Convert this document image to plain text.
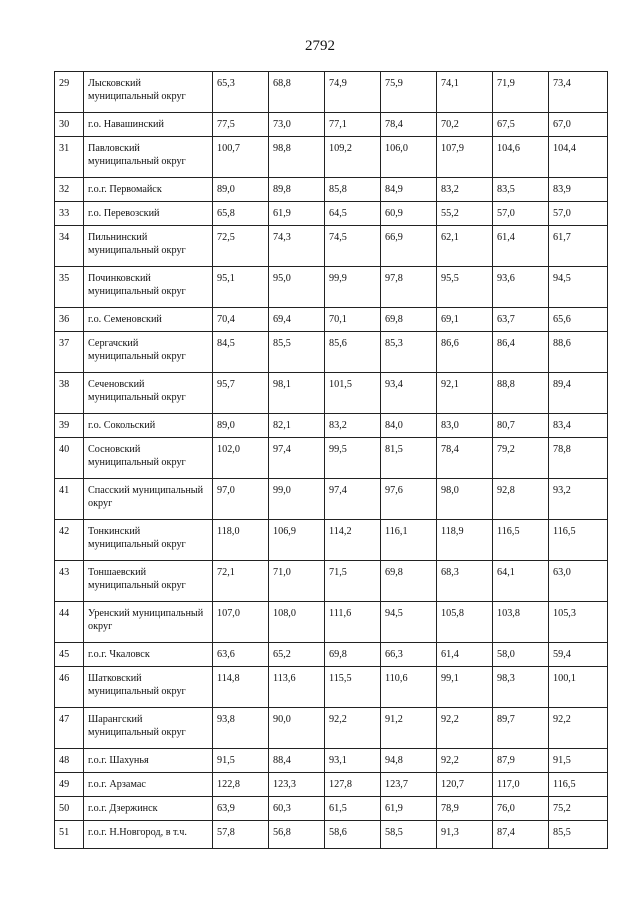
2792
29	Лысковский муниципальный округ	65,3	68,8	74,9	75,9	74,1	71,9	73,4
30	г.о. Навашинский	77,5	73,0	77,1	78,4	70,2	67,5	67,0
31	Павловский муниципальный округ	100,7	98,8	109,2	106,0	107,9	104,6	104,4
32	г.о.г. Первомайск	89,0	89,8	85,8	84,9	83,2	83,5	83,9
33	г.о. Перевозский	65,8	61,9	64,5	60,9	55,2	57,0	57,0
34	Пильнинский муниципальный округ	72,5	74,3	74,5	66,9	62,1	61,4	61,7
35	Починковский муниципальный округ	95,1	95,0	99,9	97,8	95,5	93,6	94,5
36	г.о. Семеновский	70,4	69,4	70,1	69,8	69,1	63,7	65,6
37	Сергачский муниципальный округ	84,5	85,5	85,6	85,3	86,6	86,4	88,6
38	Сеченовский муниципальный округ	95,7	98,1	101,5	93,4	92,1	88,8	89,4
39	г.о. Сокольский	89,0	82,1	83,2	84,0	83,0	80,7	83,4
40	Сосновский муниципальный округ	102,0	97,4	99,5	81,5	78,4	79,2	78,8
41	Спасский муниципальный округ	97,0	99,0	97,4	97,6	98,0	92,8	93,2
42	Тонкинский муниципальный округ	118,0	106,9	114,2	116,1	118,9	116,5	116,5
43	Тоншаевский муниципальный округ	72,1	71,0	71,5	69,8	68,3	64,1	63,0
44	Уренский муниципальный округ	107,0	108,0	111,6	94,5	105,8	103,8	105,3
45	г.о.г. Чкаловск	63,6	65,2	69,8	66,3	61,4	58,0	59,4
46	Шатковский муниципальный округ	114,8	113,6	115,5	110,6	99,1	98,3	100,1
47	Шарангский муниципальный округ	93,8	90,0	92,2	91,2	92,2	89,7	92,2
48	г.о.г. Шахунья	91,5	88,4	93,1	94,8	92,2	87,9	91,5
49	г.о.г. Арзамас	122,8	123,3	127,8	123,7	120,7	117,0	116,5
50	г.о.г. Дзержинск	63,9	60,3	61,5	61,9	78,9	76,0	75,2
51	г.о.г. Н.Новгород, в т.ч.	57,8	56,8	58,6	58,5	91,3	87,4	85,5
